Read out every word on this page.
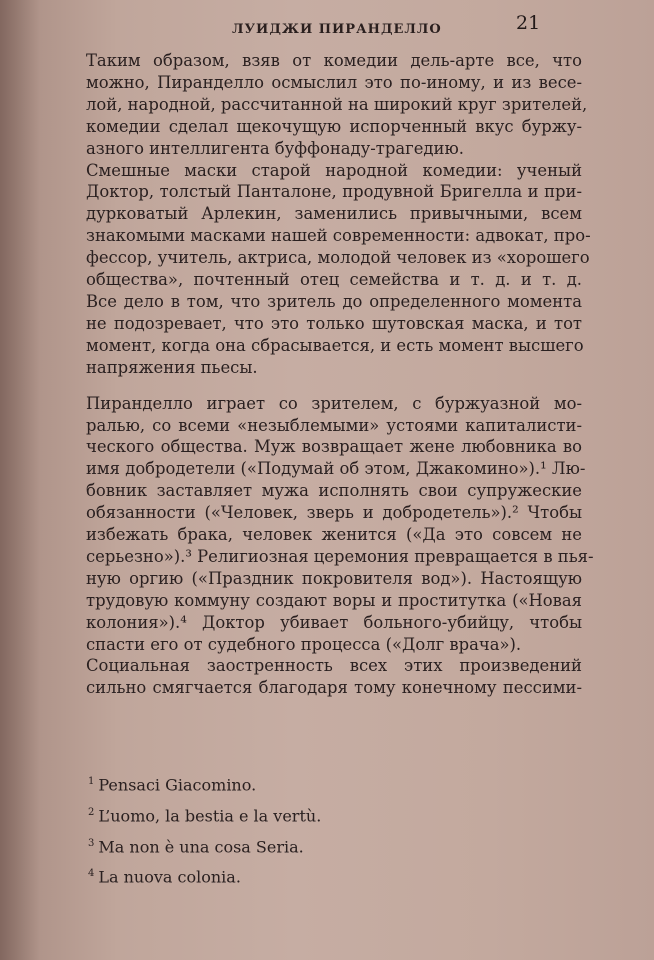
ЛУИДЖИ ПИРАНДЕЛЛО	21

Таким образом, взяв от комедии дель-арте все, что
можно, Пиранделло осмыслил это по-иному, и из весе-
лой, народной, рассчитанной на широкий круг зрителей,
комедии сделал щекочущую испорченный вкус буржу-
азного интеллигента буффонаду-трагедию.

Смешные маски старой народной комедии: ученый
Доктор, толстый Панталоне, продувной Бригелла и при-
дурковатый Арлекин, заменились привычными, всем
знакомыми масками нашей современности: адвокат, про-
фессор, учитель, актриса, молодой человек из «хорошего
общества», почтенный отец семейства и т. д. и т. д.
Все дело в том, что зритель до определенного момента
не подозревает, что это только шутовская маска, и тот
момент, когда она сбрасывается, и есть момент высшего
напряжения пьесы.

Пиранделло играет со зрителем, с буржуазной мо-
ралью, со всеми «незыблемыми» устоями капиталисти-
ческого общества. Муж возвращает жене любовника во
имя добродетели («Подумай об этом, Джакомино»).¹ Лю-
бовник заставляет мужа исполнять свои супружеские
обязанности («Человек, зверь и добродетель»).² Чтобы
избежать брака, человек женится («Да это совсем не
серьезно»).³ Религиозная церемония превращается в пья-
ную оргию («Праздник покровителя вод»). Настоящую
трудовую коммуну создают воры и проститутка («Новая
колония»).⁴ Доктор убивает больного-убийцу, чтобы
спасти его от судебного процесса («Долг врача»).

Социальная заостренность всех этих произведений
сильно смягчается благодаря тому конечному пессими-

$^1$ Pensaci Giacomino.
$^2$ L’uomo, la bestia e la vertù.
$^3$ Ma non è una cosa Seria.
$^4$ La nuova colonia.
